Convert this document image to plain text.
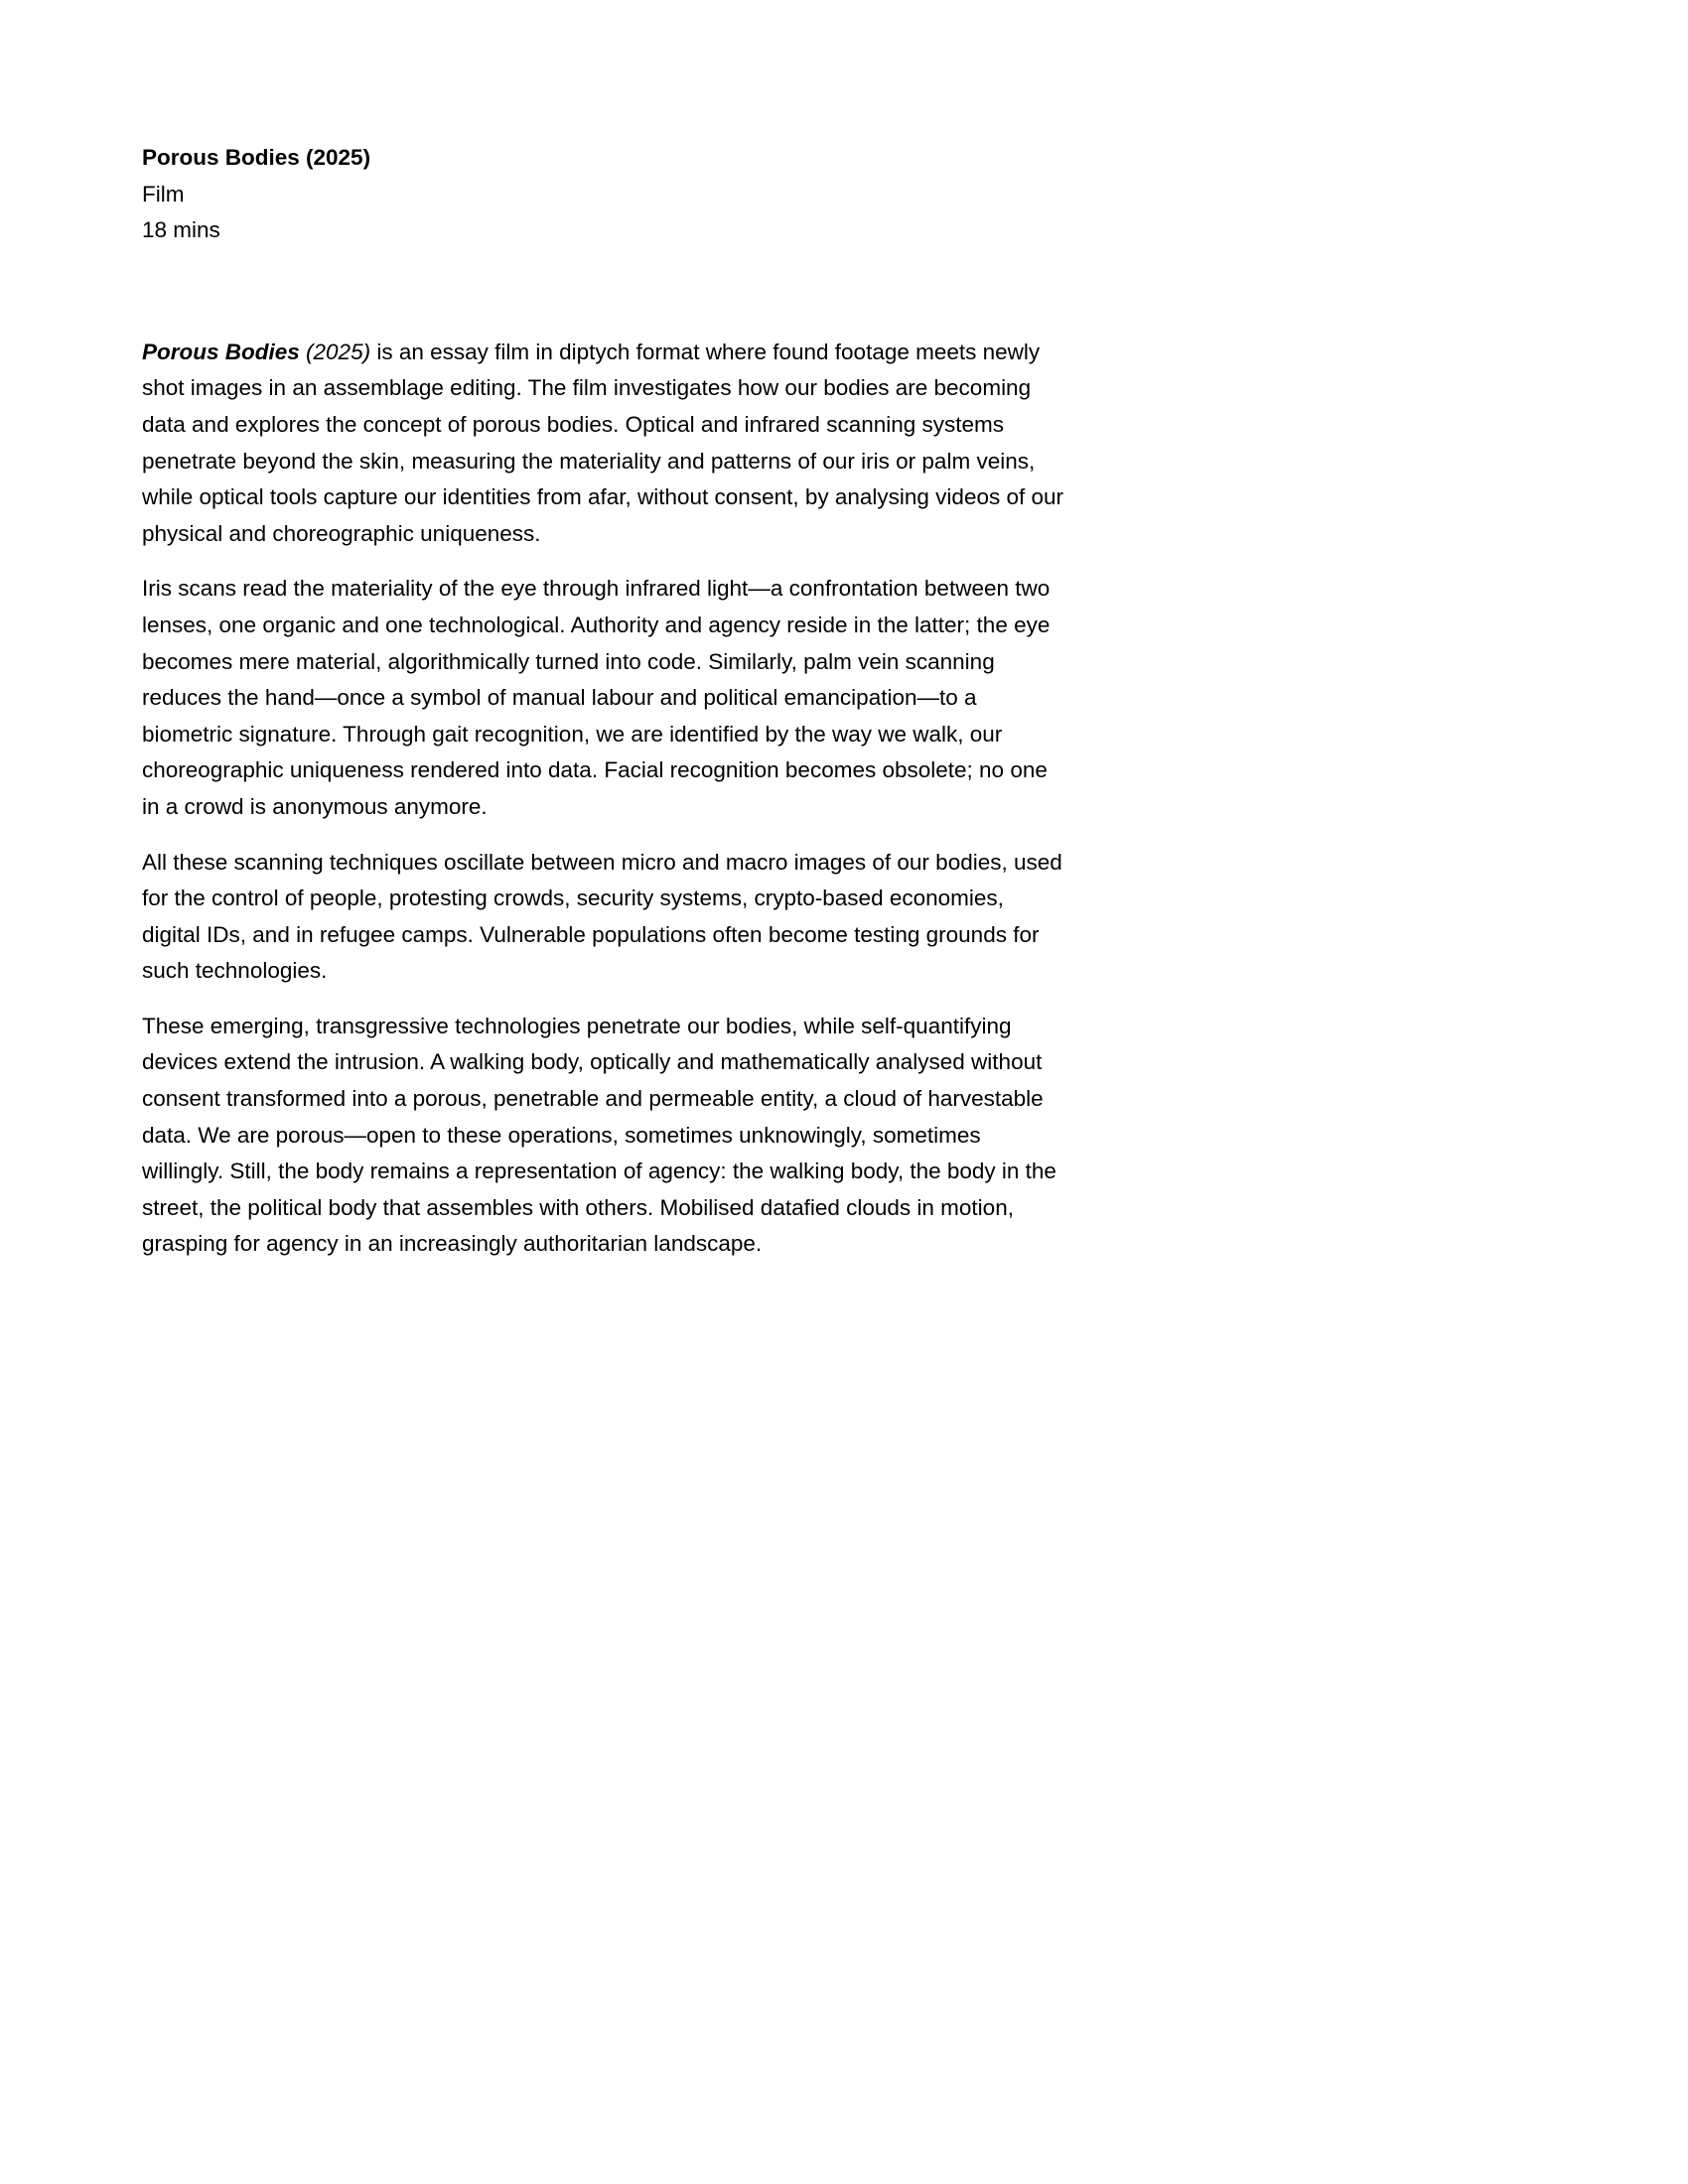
Porous Bodies (2025)

Film

18 mins

Porous Bodies (2025) is an essay film in diptych format where found footage meets newly shot images in an assemblage editing. The film investigates how our bodies are becoming data and explores the concept of porous bodies. Optical and infrared scanning systems penetrate beyond the skin, measuring the materiality and patterns of our iris or palm veins, while optical tools capture our identities from afar, without consent, by analysing videos of our physical and choreographic uniqueness.

Iris scans read the materiality of the eye through infrared light—a confrontation between two lenses, one organic and one technological. Authority and agency reside in the latter; the eye becomes mere material, algorithmically turned into code. Similarly, palm vein scanning reduces the hand—once a symbol of manual labour and political emancipation—to a biometric signature. Through gait recognition, we are identified by the way we walk, our choreographic uniqueness rendered into data. Facial recognition becomes obsolete; no one in a crowd is anonymous anymore.

All these scanning techniques oscillate between micro and macro images of our bodies, used for the control of people, protesting crowds, security systems, crypto-based economies, digital IDs, and in refugee camps. Vulnerable populations often become testing grounds for such technologies.

These emerging, transgressive technologies penetrate our bodies, while self-quantifying devices extend the intrusion. A walking body, optically and mathematically analysed without consent transformed into a porous, penetrable and permeable entity, a cloud of harvestable data. We are porous—open to these operations, sometimes unknowingly, sometimes willingly. Still, the body remains a representation of agency: the walking body, the body in the street, the political body that assembles with others. Mobilised datafied clouds in motion, grasping for agency in an increasingly authoritarian landscape.
